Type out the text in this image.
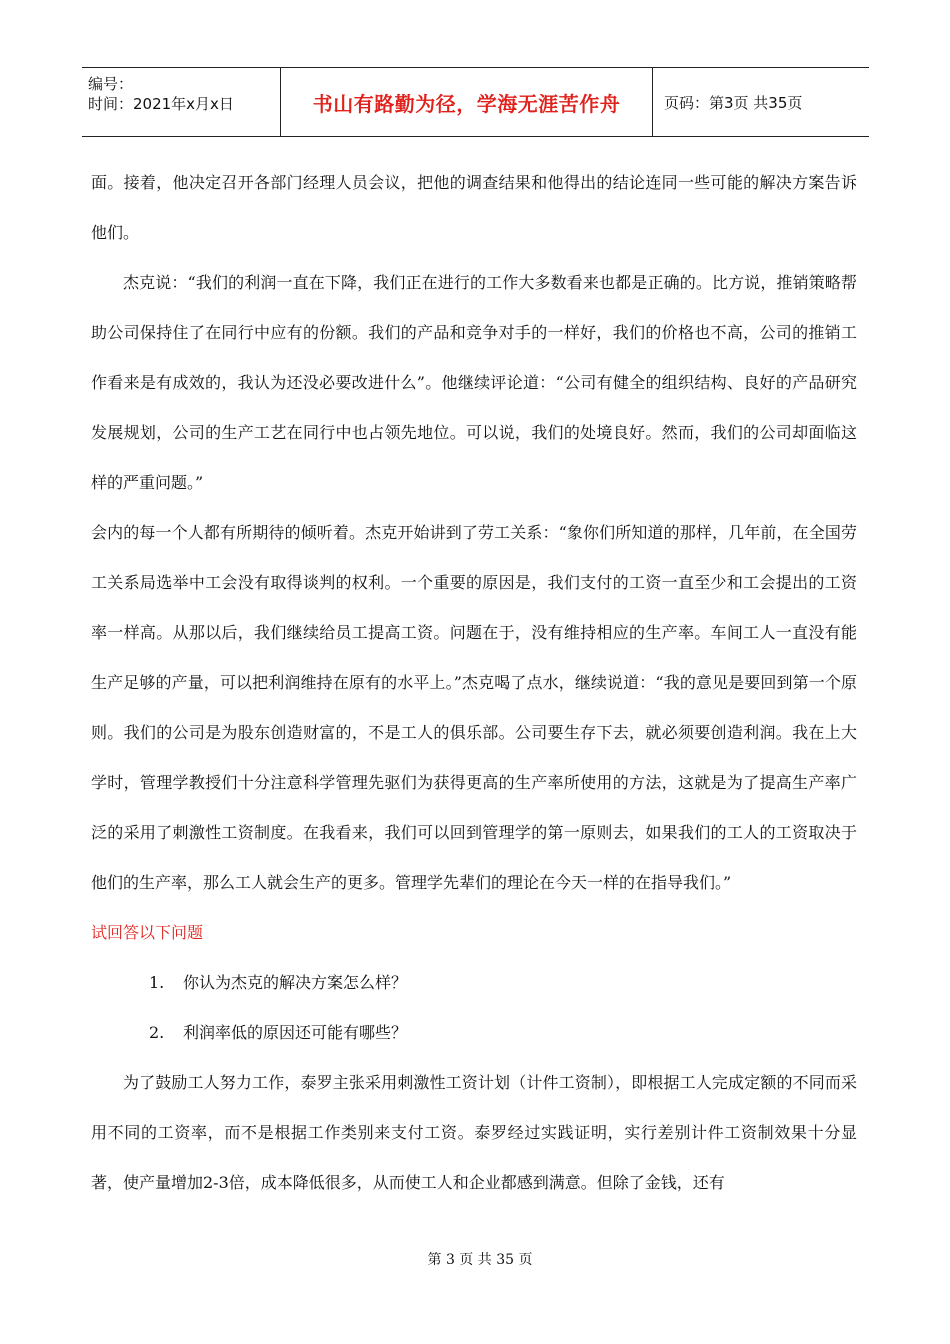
编号：
时间：2021年x月x日	书山有路勤为径，学海无涯苦作舟	页码：第3页 共35页

面。接着，他决定召开各部门经理人员会议，把他的调查结果和他得出的结论连同一些可能的解决方案告诉他们。

杰克说：“我们的利润一直在下降，我们正在进行的工作大多数看来也都是正确的。比方说，推销策略帮助公司保持住了在同行中应有的份额。我们的产品和竞争对手的一样好，我们的价格也不高，公司的推销工作看来是有成效的，我认为还没必要改进什么”。他继续评论道：“公司有健全的组织结构、良好的产品研究发展规划，公司的生产工艺在同行中也占领先地位。可以说，我们的处境良好。然而，我们的公司却面临这样的严重问题。”

会内的每一个人都有所期待的倾听着。杰克开始讲到了劳工关系：“象你们所知道的那样，几年前，在全国劳工关系局选举中工会没有取得谈判的权利。一个重要的原因是，我们支付的工资一直至少和工会提出的工资率一样高。从那以后，我们继续给员工提高工资。问题在于，没有维持相应的生产率。车间工人一直没有能生产足够的产量，可以把利润维持在原有的水平上。”杰克喝了点水，继续说道：“我的意见是要回到第一个原则。我们的公司是为股东创造财富的，不是工人的俱乐部。公司要生存下去，就必须要创造利润。我在上大学时，管理学教授们十分注意科学管理先驱们为获得更高的生产率所使用的方法，这就是为了提高生产率广泛的采用了刺激性工资制度。在我看来，我们可以回到管理学的第一原则去，如果我们的工人的工资取决于他们的生产率，那么工人就会生产的更多。管理学先辈们的理论在今天一样的在指导我们。”

试回答以下问题
1. 你认为杰克的解决方案怎么样？
2. 利润率低的原因还可能有哪些？

为了鼓励工人努力工作，泰罗主张采用刺激性工资计划（计件工资制），即根据工人完成定额的不同而采用不同的工资率，而不是根据工作类别来支付工资。泰罗经过实践证明，实行差别计件工资制效果十分显著，使产量增加2-3倍，成本降低很多，从而使工人和企业都感到满意。但除了金钱，还有

第 3 页 共 35 页
